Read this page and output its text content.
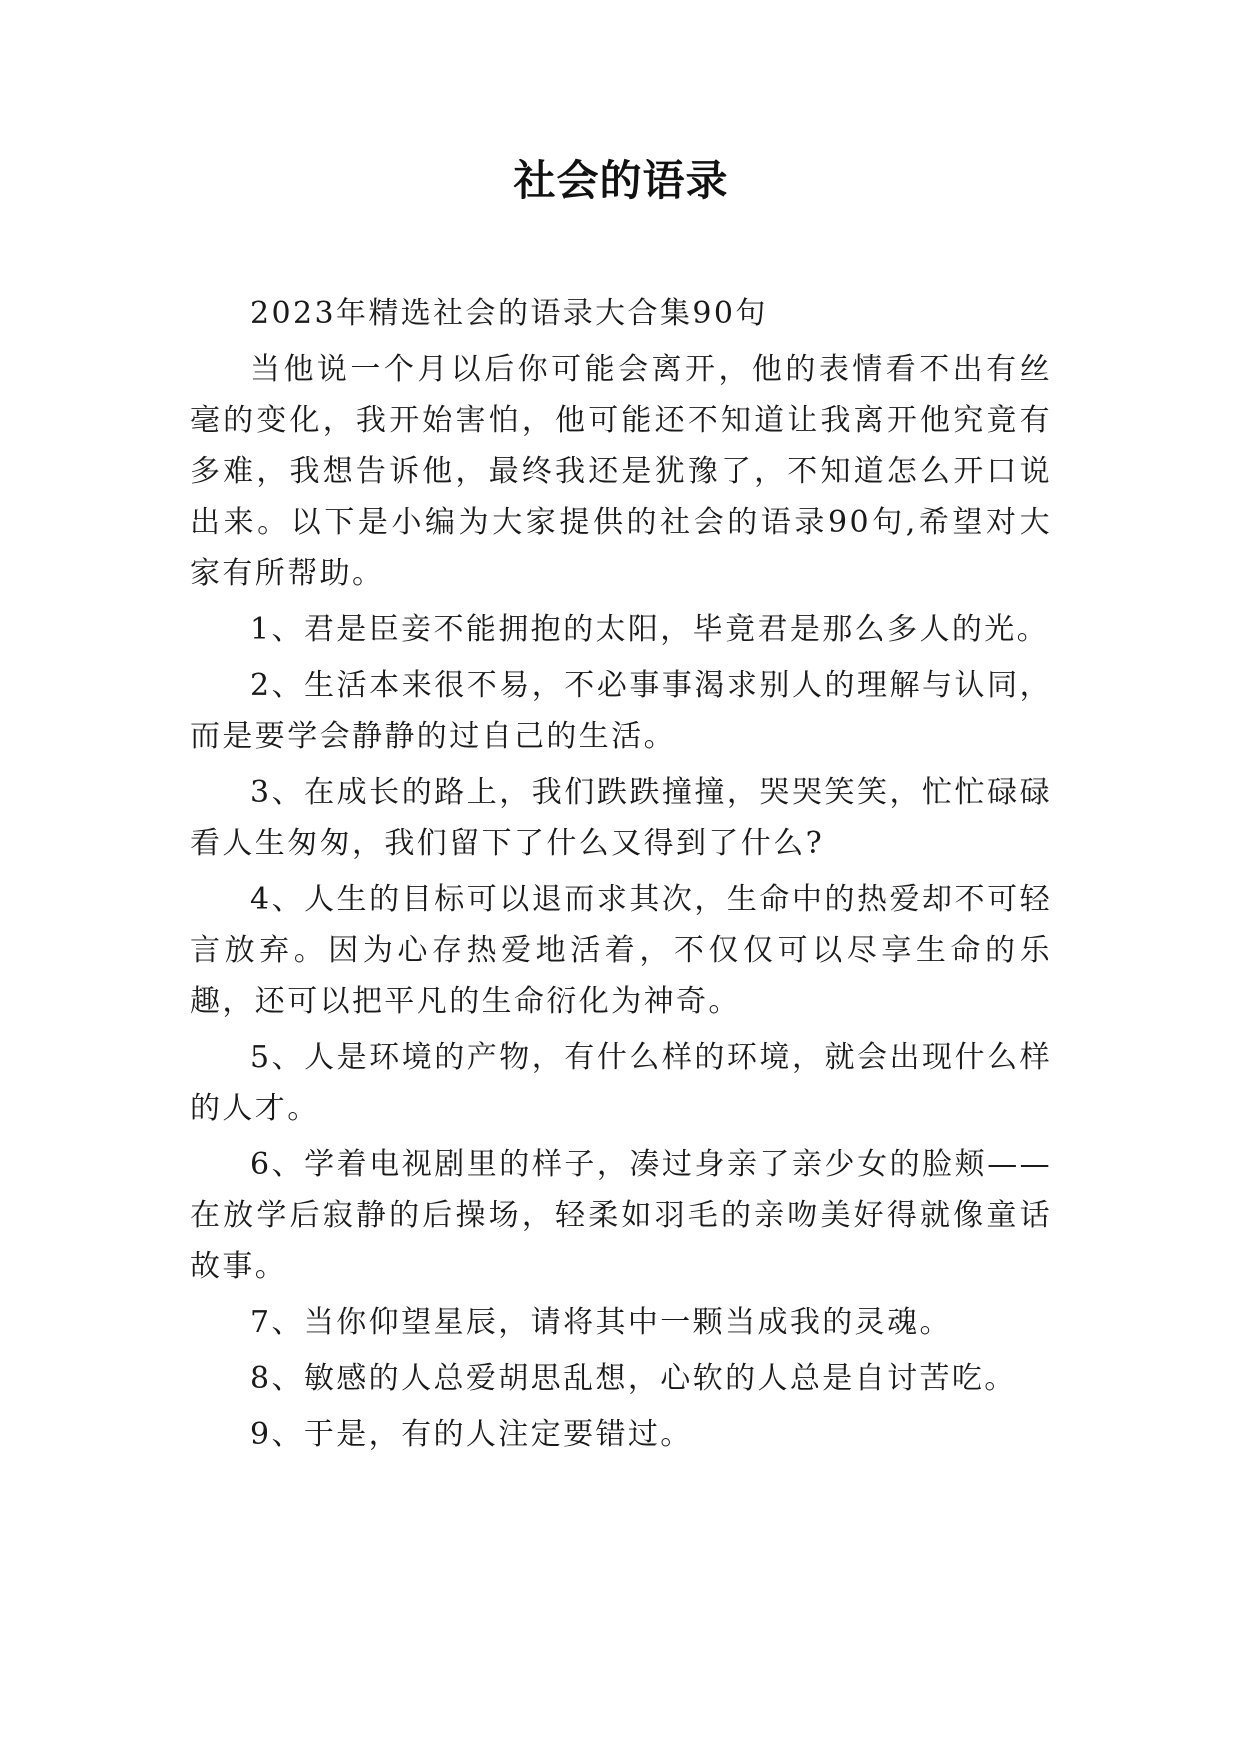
社会的语录

2023年精选社会的语录大合集90句

当他说一个月以后你可能会离开，他的表情看不出有丝毫的变化，我开始害怕，他可能还不知道让我离开他究竟有多难，我想告诉他，最终我还是犹豫了，不知道怎么开口说出来。以下是小编为大家提供的社会的语录90句,希望对大家有所帮助。

1、君是臣妾不能拥抱的太阳，毕竟君是那么多人的光。

2、生活本来很不易，不必事事渴求别人的理解与认同，而是要学会静静的过自己的生活。

3、在成长的路上，我们跌跌撞撞，哭哭笑笑，忙忙碌碌看人生匆匆，我们留下了什么又得到了什么?

4、人生的目标可以退而求其次，生命中的热爱却不可轻言放弃。因为心存热爱地活着，不仅仅可以尽享生命的乐趣，还可以把平凡的生命衍化为神奇。

5、人是环境的产物，有什么样的环境，就会出现什么样的人才。

6、学着电视剧里的样子，凑过身亲了亲少女的脸颊——在放学后寂静的后操场，轻柔如羽毛的亲吻美好得就像童话故事。

7、当你仰望星辰，请将其中一颗当成我的灵魂。

8、敏感的人总爱胡思乱想，心软的人总是自讨苦吃。

9、于是，有的人注定要错过。
